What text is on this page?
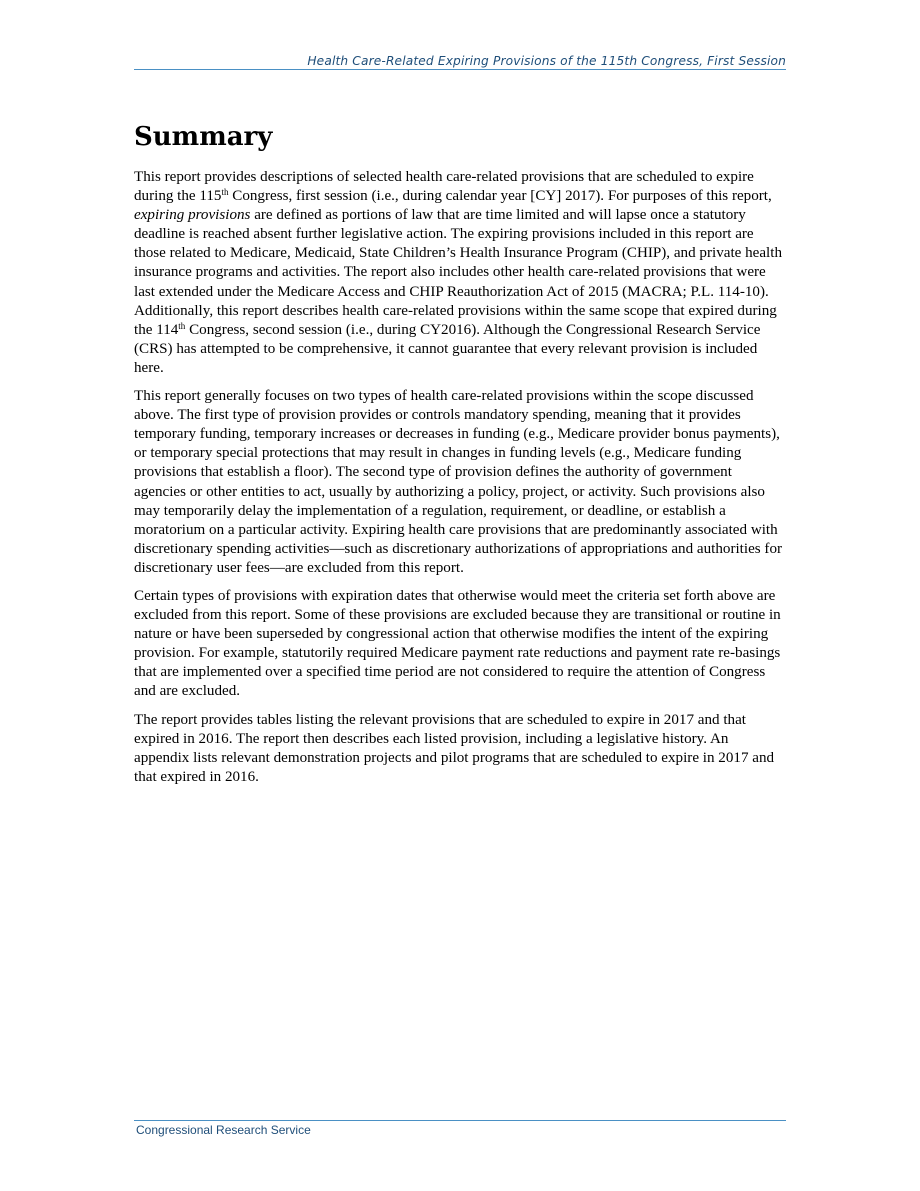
Health Care-Related Expiring Provisions of the 115th Congress, First Session
Summary

This report provides descriptions of selected health care-related provisions that are scheduled to expire during the 115th Congress, first session (i.e., during calendar year [CY] 2017). For purposes of this report, expiring provisions are defined as portions of law that are time limited and will lapse once a statutory deadline is reached absent further legislative action. The expiring provisions included in this report are those related to Medicare, Medicaid, State Children’s Health Insurance Program (CHIP), and private health insurance programs and activities. The report also includes other health care-related provisions that were last extended under the Medicare Access and CHIP Reauthorization Act of 2015 (MACRA; P.L. 114-10). Additionally, this report describes health care-related provisions within the same scope that expired during the 114th Congress, second session (i.e., during CY2016). Although the Congressional Research Service (CRS) has attempted to be comprehensive, it cannot guarantee that every relevant provision is included here.

This report generally focuses on two types of health care-related provisions within the scope discussed above. The first type of provision provides or controls mandatory spending, meaning that it provides temporary funding, temporary increases or decreases in funding (e.g., Medicare provider bonus payments), or temporary special protections that may result in changes in funding levels (e.g., Medicare funding provisions that establish a floor). The second type of provision defines the authority of government agencies or other entities to act, usually by authorizing a policy, project, or activity. Such provisions also may temporarily delay the implementation of a regulation, requirement, or deadline, or establish a moratorium on a particular activity. Expiring health care provisions that are predominantly associated with discretionary spending activities—such as discretionary authorizations of appropriations and authorities for discretionary user fees—are excluded from this report.

Certain types of provisions with expiration dates that otherwise would meet the criteria set forth above are excluded from this report. Some of these provisions are excluded because they are transitional or routine in nature or have been superseded by congressional action that otherwise modifies the intent of the expiring provision. For example, statutorily required Medicare payment rate reductions and payment rate re-basings that are implemented over a specified time period are not considered to require the attention of Congress and are excluded.

The report provides tables listing the relevant provisions that are scheduled to expire in 2017 and that expired in 2016. The report then describes each listed provision, including a legislative history. An appendix lists relevant demonstration projects and pilot programs that are scheduled to expire in 2017 and that expired in 2016.

Congressional Research Service
